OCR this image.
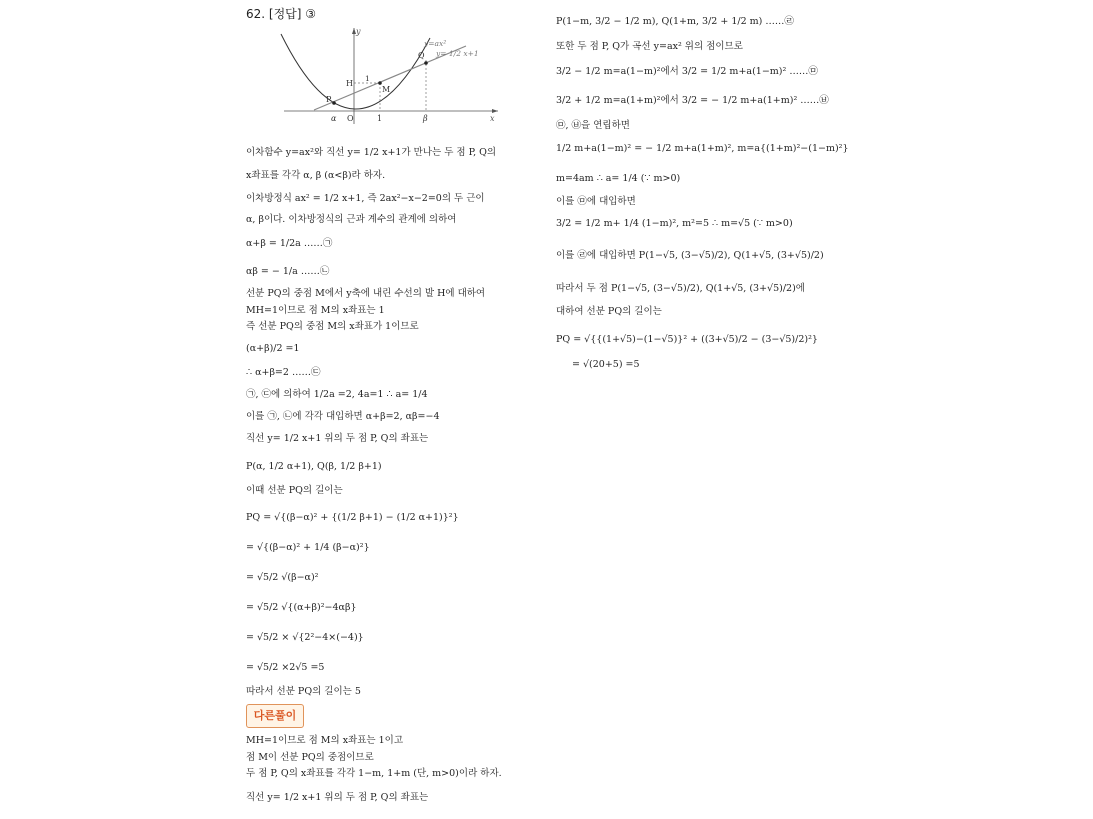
62. [정답] ③
y
x
y=ax²
y= 1/2 x+1
P
Q
H
M
1
O
α	1	β
이차함수 y=ax²와 직선 y= 1/2 x+1가 만나는 두 점 P, Q의
x좌표를 각각 α, β (α<β)라 하자.
이차방정식 ax² = 1/2 x+1, 즉 2ax²−x−2=0의 두 근이
α, β이다. 이차방정식의 근과 계수의 관계에 의하여
α+β = 1/2a ……㉠
αβ = − 1/a ……㉡
선분 PQ의 중점 M에서 y축에 내린 수선의 발 H에 대하여
MH=1이므로 점 M의 x좌표는 1
즉 선분 PQ의 중점 M의 x좌표가 1이므로
(α+β)/2 =1
∴ α+β=2 ……㉢
㉠, ㉢에 의하여 1/2a =2, 4a=1 ∴ a= 1/4
이를 ㉠, ㉡에 각각 대입하면 α+β=2, αβ=−4
직선 y= 1/2 x+1 위의 두 점 P, Q의 좌표는
P(α, 1/2 α+1), Q(β, 1/2 β+1)
이때 선분 PQ의 길이는
PQ = √{(β−α)² + {(1/2 β+1) − (1/2 α+1)}²}
= √{(β−α)² + 1/4 (β−α)²}
= √5/2 √(β−α)²
= √5/2 √{(α+β)²−4αβ}
= √5/2 × √{2²−4×(−4)}
= √5/2 ×2√5 =5
따라서 선분 PQ의 길이는 5
다른풀이
MH=1이므로 점 M의 x좌표는 1이고
점 M이 선분 PQ의 중점이므로
두 점 P, Q의 x좌표를 각각 1−m, 1+m (단, m>0)이라 하자.
직선 y= 1/2 x+1 위의 두 점 P, Q의 좌표는
P(1−m, 3/2 − 1/2 m), Q(1+m, 3/2 + 1/2 m) ……㉣
또한 두 점 P, Q가 곡선 y=ax² 위의 점이므로
3/2 − 1/2 m=a(1−m)²에서 3/2 = 1/2 m+a(1−m)² ……㉤
3/2 + 1/2 m=a(1+m)²에서 3/2 = − 1/2 m+a(1+m)² ……㉥
㉤, ㉥을 연립하면
1/2 m+a(1−m)² = − 1/2 m+a(1+m)², m=a{(1+m)²−(1−m)²}
m=4am ∴ a= 1/4 (∵ m>0)
이를 ㉤에 대입하면
3/2 = 1/2 m+ 1/4 (1−m)², m²=5 ∴ m=√5 (∵ m>0)
이를 ㉣에 대입하면 P(1−√5, (3−√5)/2), Q(1+√5, (3+√5)/2)
따라서 두 점 P(1−√5, (3−√5)/2), Q(1+√5, (3+√5)/2)에
대하여 선분 PQ의 길이는
PQ = √{{(1+√5)−(1−√5)}² + ((3+√5)/2 − (3−√5)/2)²}
= √(20+5) =5
